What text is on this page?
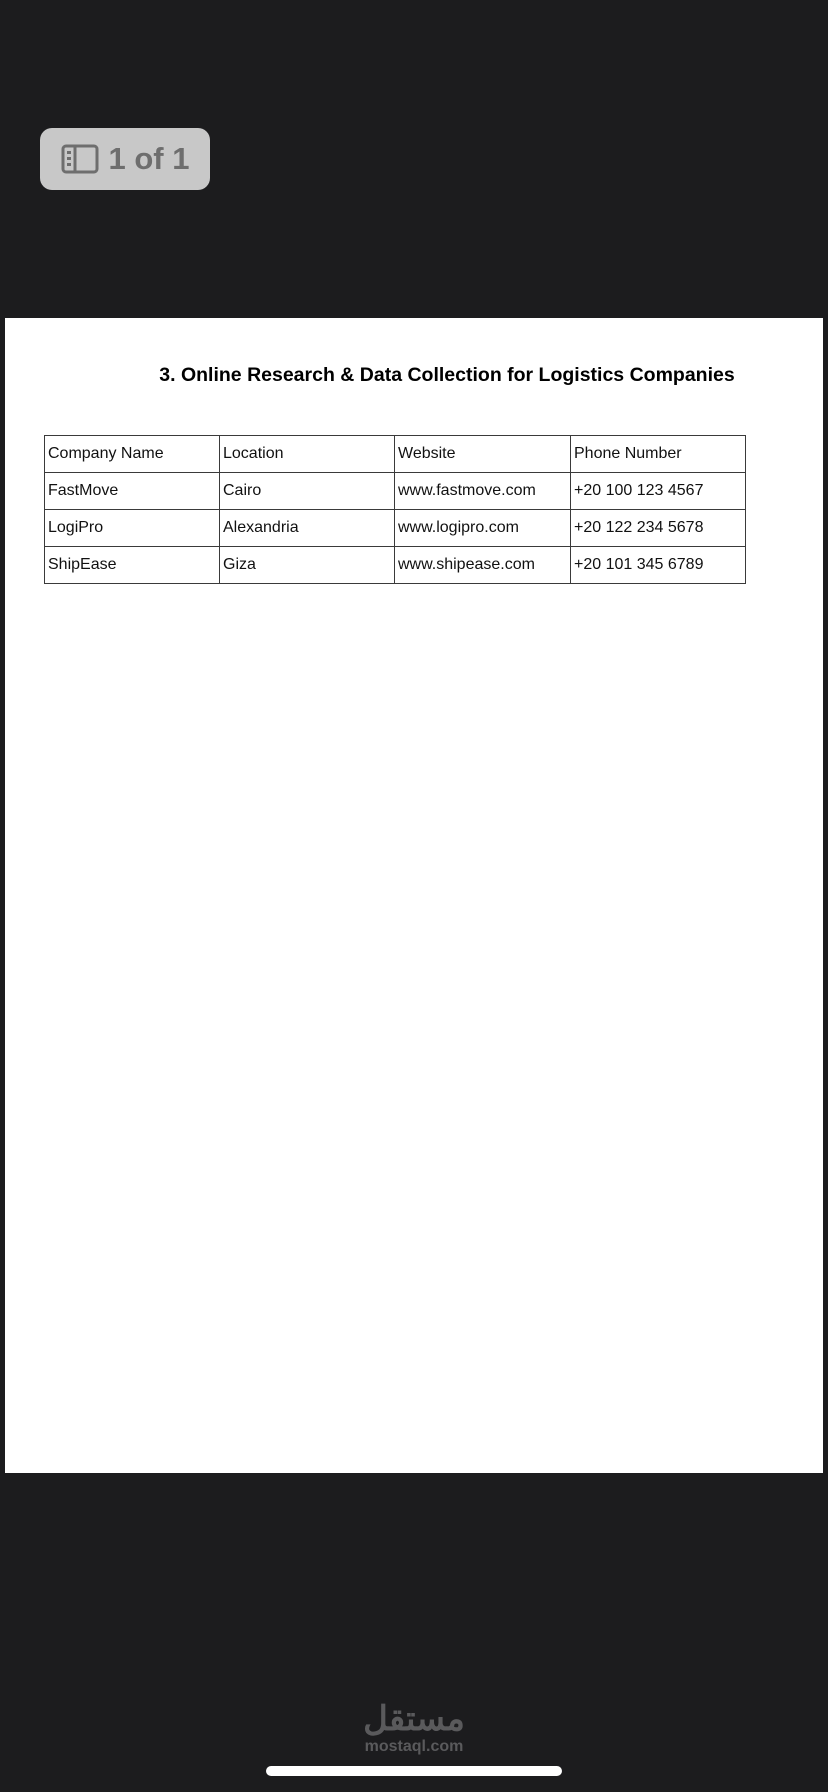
1 of 1
3. Online Research & Data Collection for Logistics Companies
Company Name	Location	Website	Phone Number
FastMove	Cairo	www.fastmove.com	+20 100 123 4567
LogiPro	Alexandria	www.logipro.com	+20 122 234 5678
ShipEase	Giza	www.shipease.com	+20 101 345 6789
مستقل
mostaql.com
